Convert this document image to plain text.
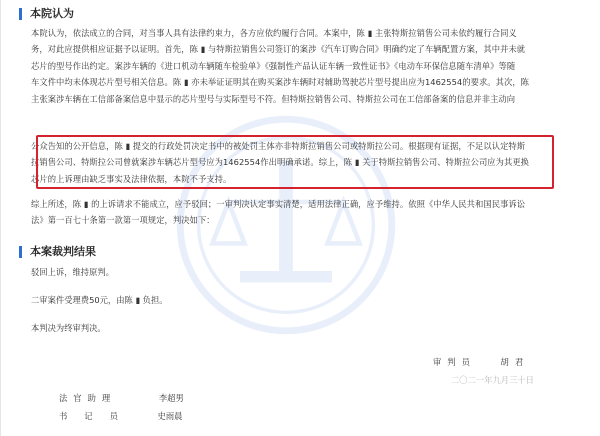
本院认为
本院认为，依法成立的合同，对当事人具有法律约束力，各方应依约履行合同。本案中，陈 ▮ 主张特斯拉销售公司未依约履行合同义
务，对此应提供相应证据予以证明。首先，陈 ▮ 与特斯拉销售公司签订的案涉《汽车订购合同》明确约定了车辆配置方案，其中并未就
芯片的型号作出约定。案涉车辆的《进口机动车辆随车检验单》《强制性产品认证车辆一致性证书》《电动车环保信息随车清单》等随
车文件中均未体现芯片型号相关信息。陈 ▮ 亦未举证证明其在购买案涉车辆时对辅助驾驶芯片型号提出应为1462554的要求。其次，陈
主张案涉车辆在工信部备案信息中显示的芯片型号与实际型号不符。但特斯拉销售公司、特斯拉公司在工信部备案的信息并非主动向
公众告知的公开信息，陈 ▮ 提交的行政处罚决定书中的被处罚主体亦非特斯拉销售公司或特斯拉公司。根据现有证据，不足以认定特斯
拉销售公司、特斯拉公司曾就案涉车辆芯片型号应为1462554作出明确承诺。综上，陈 ▮ 关于特斯拉销售公司、特斯拉公司应为其更换
芯片的上诉理由缺乏事实及法律依据，本院不予支持。
综上所述，陈 ▮ 的上诉请求不能成立，应予驳回；一审判决认定事实清楚，适用法律正确，应予维持。依照《中华人民共和国民事诉讼
法》第一百七十条第一款第一项规定，判决如下：
本案裁判结果
驳回上诉，维持原判。
二审案件受理费50元，由陈 ▮ 负担。
本判决为终审判决。
审判员	胡君
二〇二一年九月三十日
法官助理	李超男
书记员	史雨晨
